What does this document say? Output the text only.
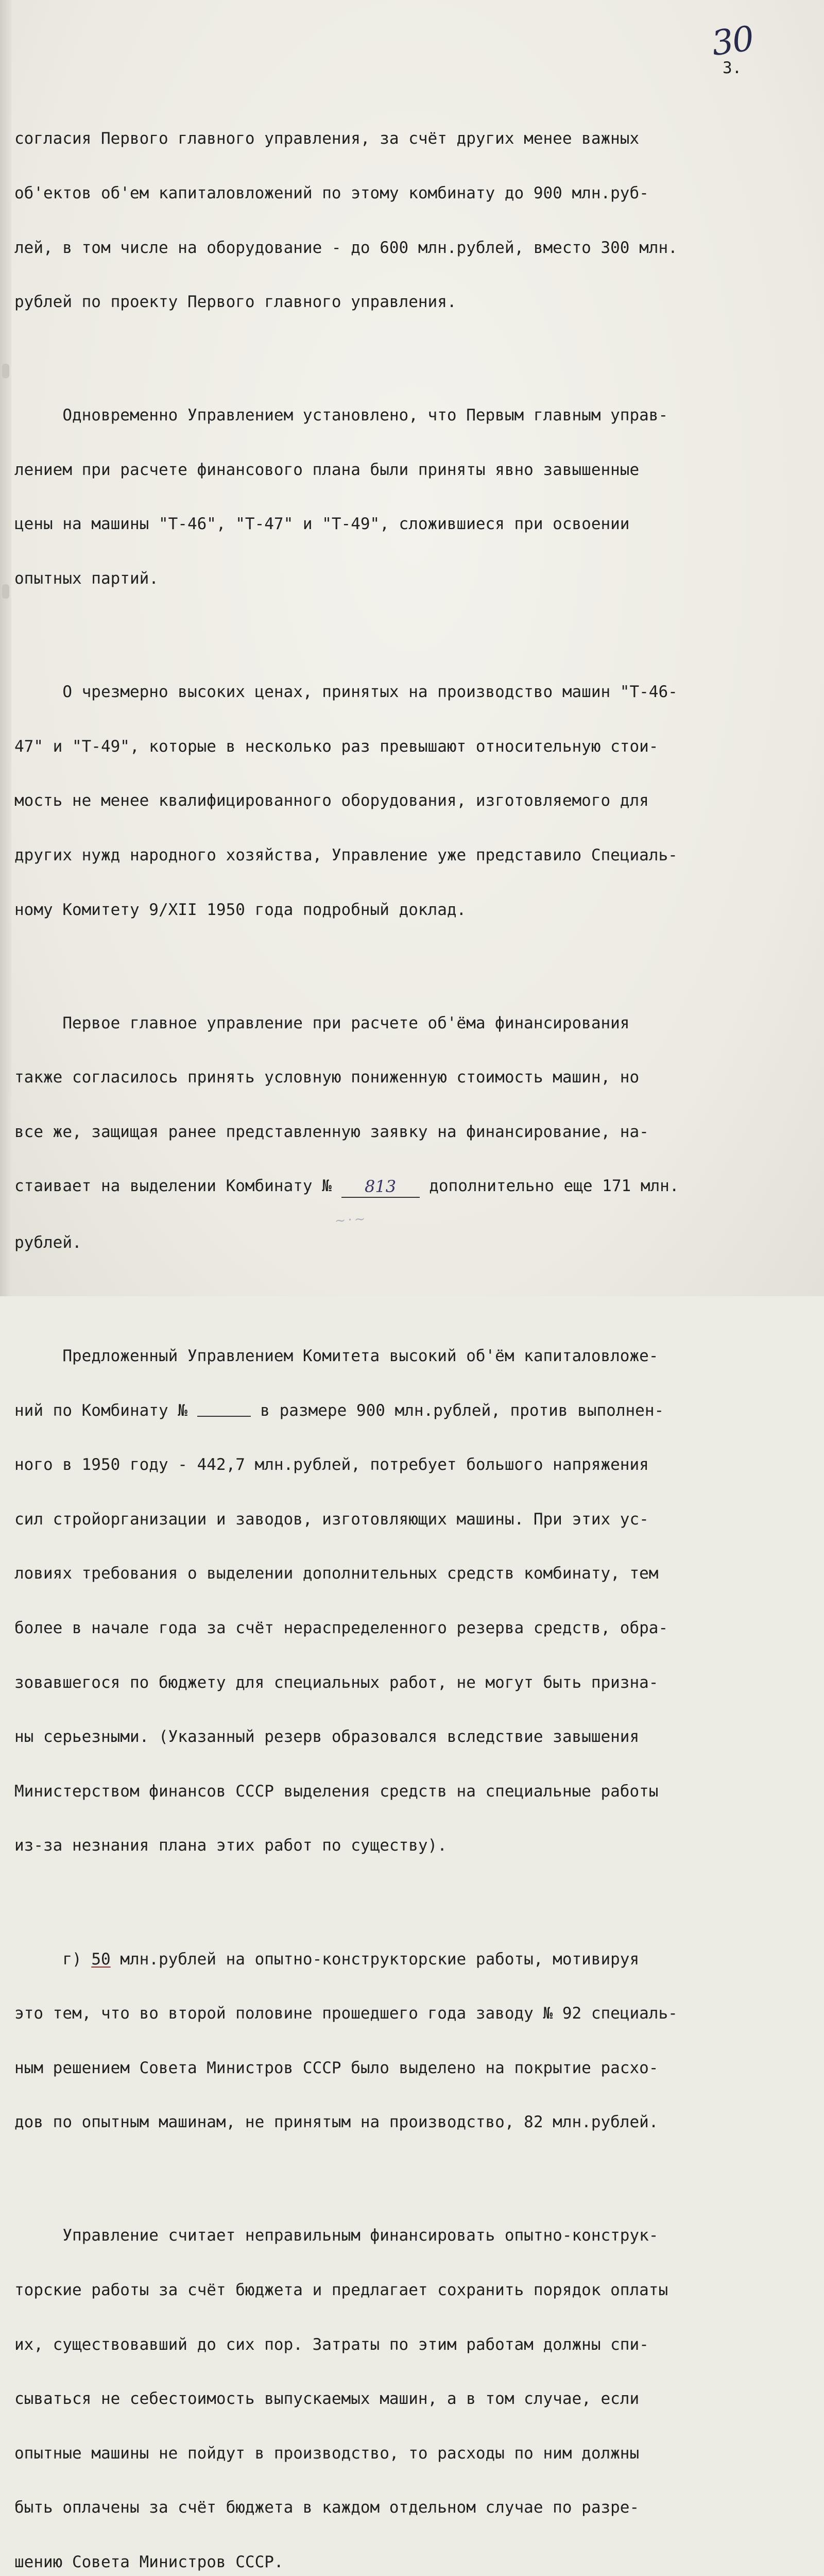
30
3.

согласия Первого главного управления, за счёт других менее важных

об'ектов об'ем капиталовложений по этому комбинату до 900 млн.руб-

лей, в том числе на оборудование - до 600 млн.рублей, вместо 300 млн.

рублей по проекту Первого главного управления.

Одновременно Управлением установлено, что Первым главным управ-

лением при расчете финансового плана были приняты явно завышенные

цены на машины "Т-46", "Т-47" и "Т-49", сложившиеся при освоении

опытных партий.

О чрезмерно высоких ценах, принятых на производство машин "Т-46-

47" и "Т-49", которые в несколько раз превышают относительную стои-

мость не менее квалифицированного оборудования, изготовляемого для

других нужд народного хозяйства, Управление уже представило Специаль-

ному Комитету 9/XII 1950 года подробный доклад.

Первое главное управление при расчете об'ёма финансирования

также согласилось принять условную пониженную стоимость машин, но

все же, защищая ранее представленную заявку на финансирование, на-

стаивает на выделении Комбинату № 813 дополнительно еще 171 млн.

рублей.

Предложенный Управлением Комитета высокий об'ём капиталовложе-

ний по Комбинату №	в размере 900 млн.рублей, против выполнен-

ного в 1950 году - 442,7 млн.рублей, потребует большого напряжения

сил стройорганизации и заводов, изготовляющих машины. При этих ус-

ловиях требования о выделении дополнительных средств комбинату, тем

более в начале года за счёт нераспределенного резерва средств, обра-

зовавшегося по бюджету для специальных работ, не могут быть призна-

ны серьезными. (Указанный резерв образовался вследствие завышения

Министерством финансов СССР выделения средств на специальные работы

из-за незнания плана этих работ по существу).

г) 50 млн.рублей на опытно-конструкторские работы, мотивируя

это тем, что во второй половине прошедшего года заводу № 92 специаль-

ным решением Совета Министров СССР было выделено на покрытие расхо-

дов по опытным машинам, не принятым на производство, 82 млн.рублей.

Управление считает неправильным финансировать опытно-конструк-

торские работы за счёт бюджета и предлагает сохранить порядок оплаты

их, существовавший до сих пор. Затраты по этим работам должны спи-

сываться не себестоимость выпускаемых машин, а в том случае, если

опытные машины не пойдут в производство, то расходы по ним должны

быть оплачены за счёт бюджета в каждом отдельном случае по разре-

шению Совета Министров СССР.

~·~
